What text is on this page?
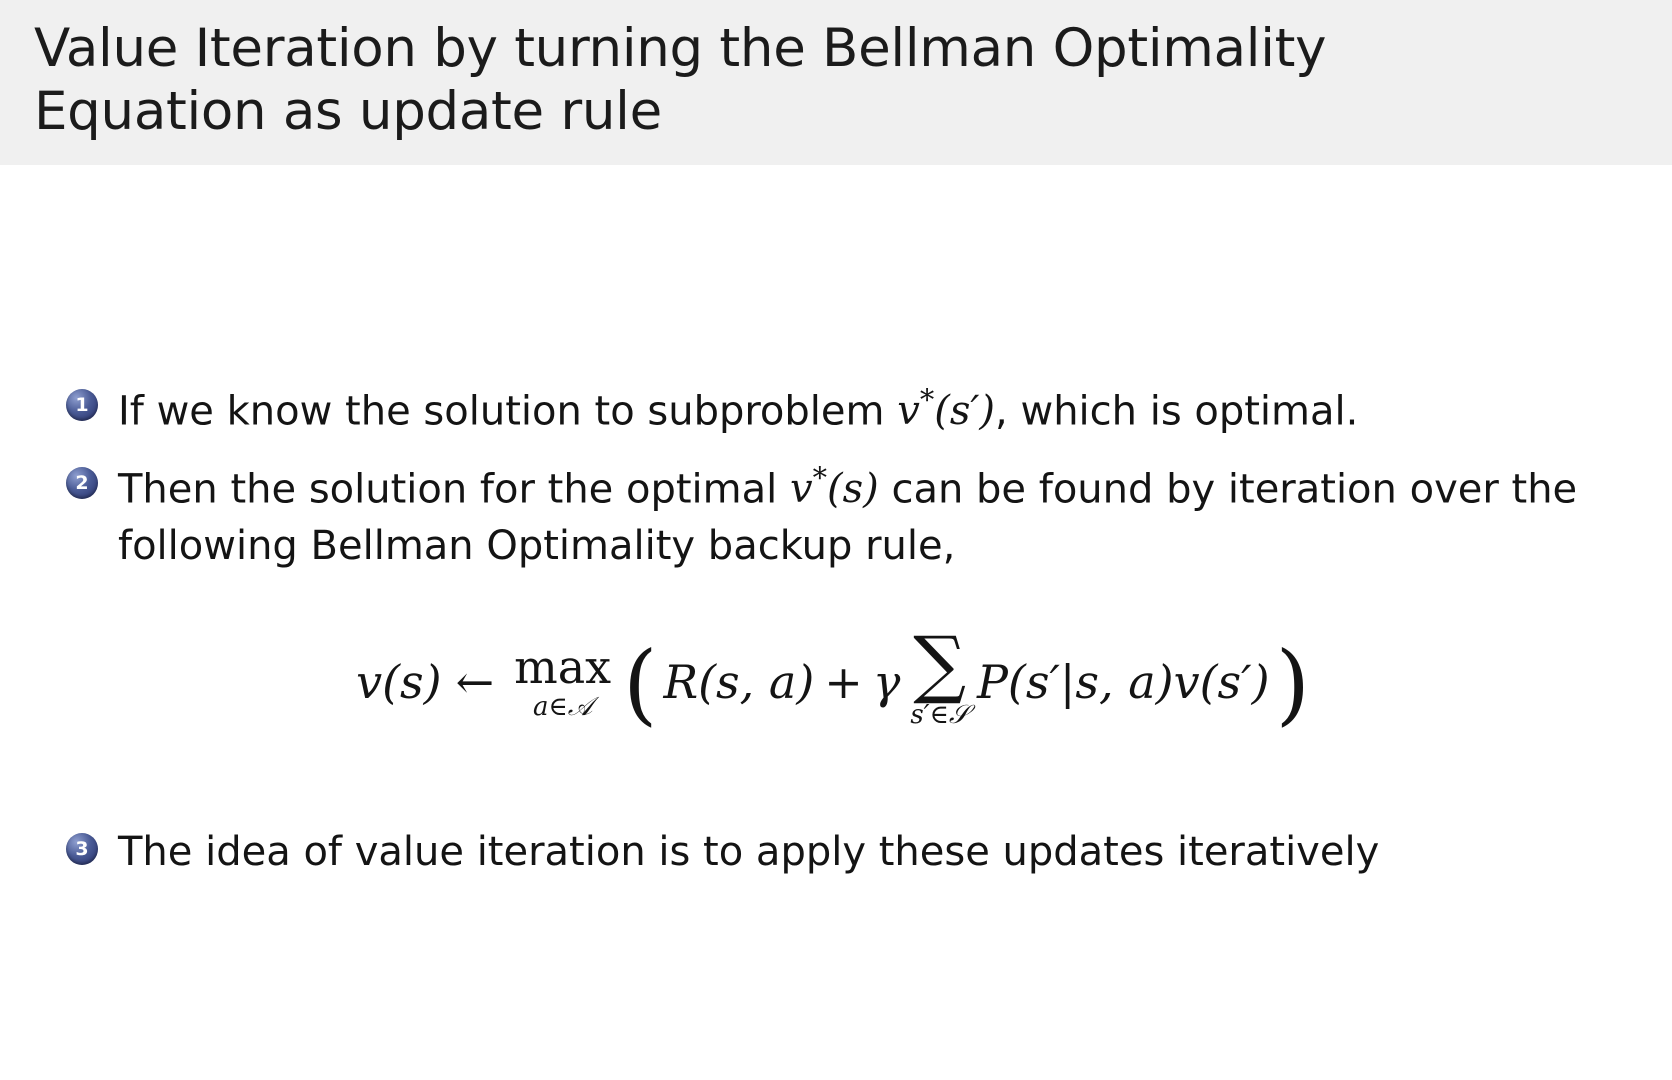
Value Iteration by turning the Bellman Optimality
Equation as update rule
1 If we know the solution to subproblem v*(s′), which is optimal.
2 Then the solution for the optimal v*(s) can be found by iteration over the following Bellman Optimality backup rule,
v(s) ← max
a∈𝒜 ( R(s, a) + γ ∑
s′∈𝒮
P(s′|s, a) v(s′) )
3 The idea of value iteration is to apply these updates iteratively
